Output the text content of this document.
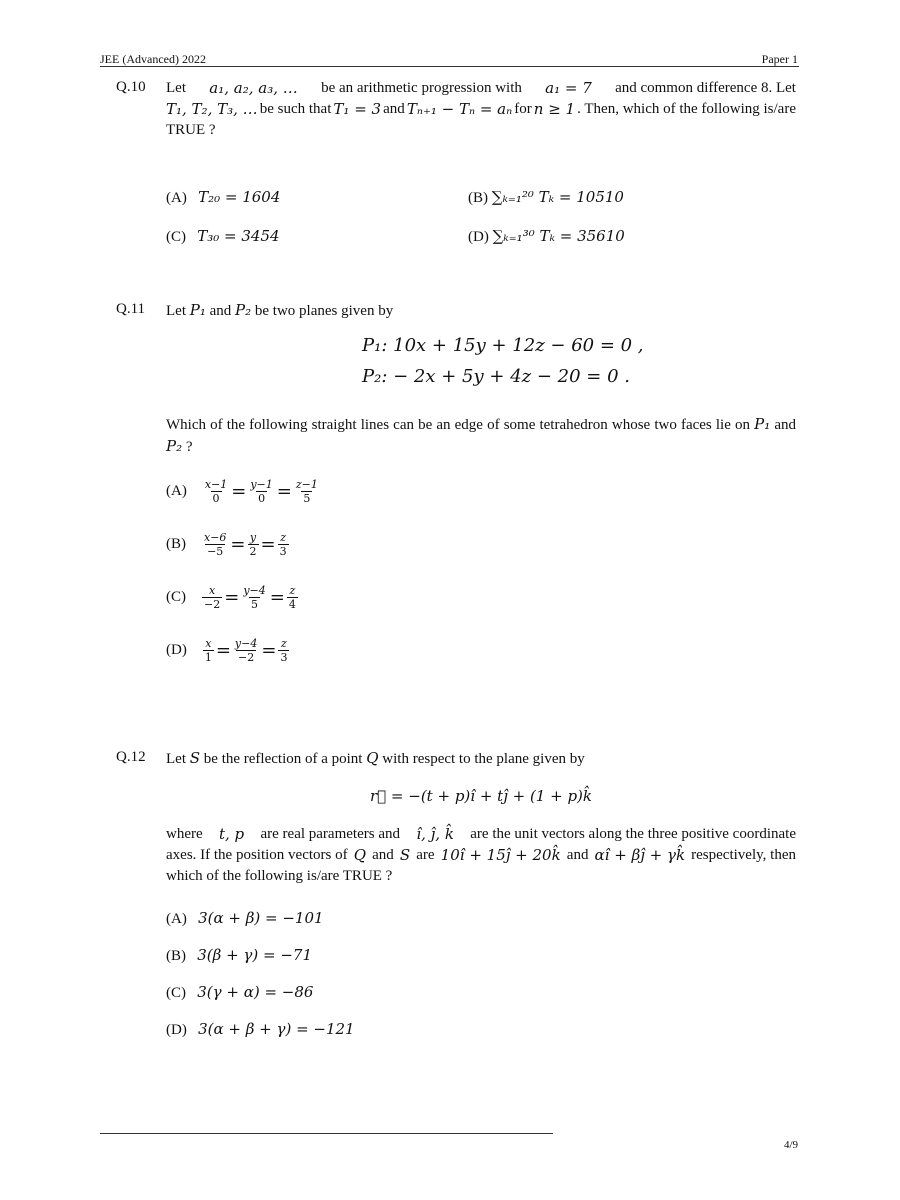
JEE (Advanced) 2022	Paper 1
Q.10 Let a₁, a₂, a₃, … be an arithmetic progression with a₁ = 7 and common difference 8. Let
T₁, T₂, T₃, … be such that T₁ = 3 and Tₙ₊₁ − Tₙ = aₙ for n ≥ 1 . Then, which of the following is/are
TRUE ?
(A) T₂₀ = 1604	(B) ∑ₖ₌₁²⁰ Tₖ = 10510
(C) T₃₀ = 3454	(D) ∑ₖ₌₁³⁰ Tₖ = 35610
Q.11 Let P₁ and P₂ be two planes given by
P₁: 10x + 15y + 12z − 60 = 0 ,
P₂: − 2x + 5y + 4z − 20 = 0 .
Which of the following straight lines can be an edge of some tetrahedron whose two faces lie on P₁ and P₂ ?
$(A) \frac{x-1}{0} = \frac{y-1}{0} = \frac{z-1}{5}$
$(B) \frac{x-6}{-5} = \frac{y}{2} = \frac{z}{3}$
$(C) \frac{x}{-2} = \frac{y-4}{5} = \frac{z}{4}$
$(D) \frac{x}{1} = \frac{y-4}{-2} = \frac{z}{3}$
Q.12 Let S be the reflection of a point Q with respect to the plane given by
r⃗ = −(t + p)î + tĵ + (1 + p)k̂
where t, p are real parameters and î, ĵ, k̂ are the unit vectors along the three positive coordinate
axes. If the position vectors of Q and S are 10î + 15ĵ + 20k̂ and αî + βĵ + γk̂ respectively, then
which of the following is/are TRUE ?
(A) 3(α + β) = −101
(B) 3(β + γ) = −71
(C) 3(γ + α) = −86
(D) 3(α + β + γ) = −121
4/9
